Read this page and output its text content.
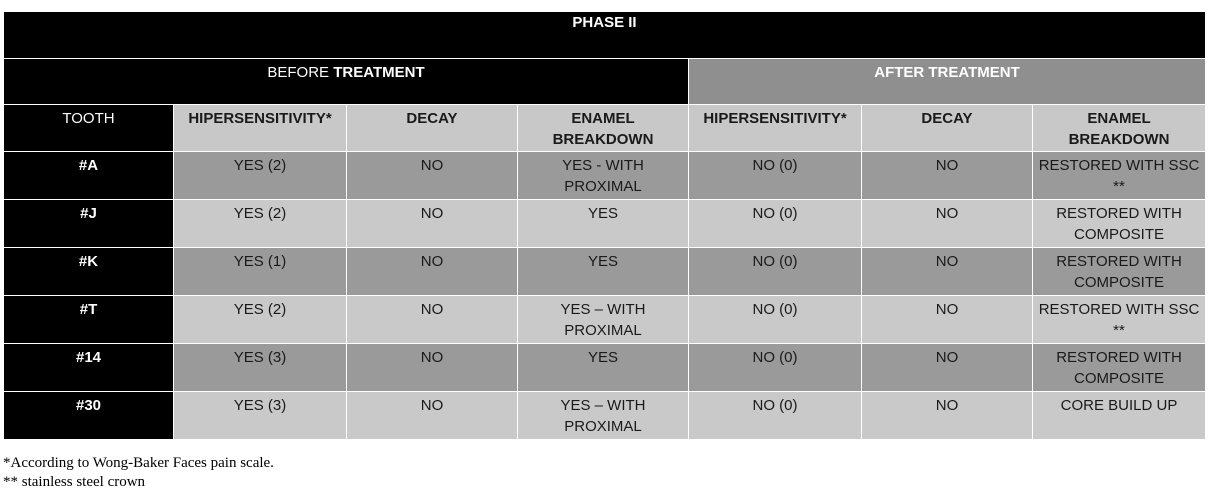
PHASE II						
BEFORE TREATMENT				AFTER TREATMENT		
TOOTH	HIPERSENSITIVITY*	DECAY	ENAMEL BREAKDOWN	HIPERSENSITIVITY*	DECAY	ENAMEL BREAKDOWN
#A	YES (2)	NO	YES - WITH PROXIMAL	NO (0)	NO	RESTORED WITH SSC **
#J	YES (2)	NO	YES	NO (0)	NO	RESTORED WITH COMPOSITE
#K	YES (1)	NO	YES	NO (0)	NO	RESTORED WITH COMPOSITE
#T	YES (2)	NO	YES – WITH PROXIMAL	NO (0)	NO	RESTORED WITH SSC **
#14	YES (3)	NO	YES	NO (0)	NO	RESTORED WITH COMPOSITE
#30	YES (3)	NO	YES – WITH PROXIMAL	NO (0)	NO	CORE BUILD UP
*According to Wong-Baker Faces pain scale.
** stainless steel crown
